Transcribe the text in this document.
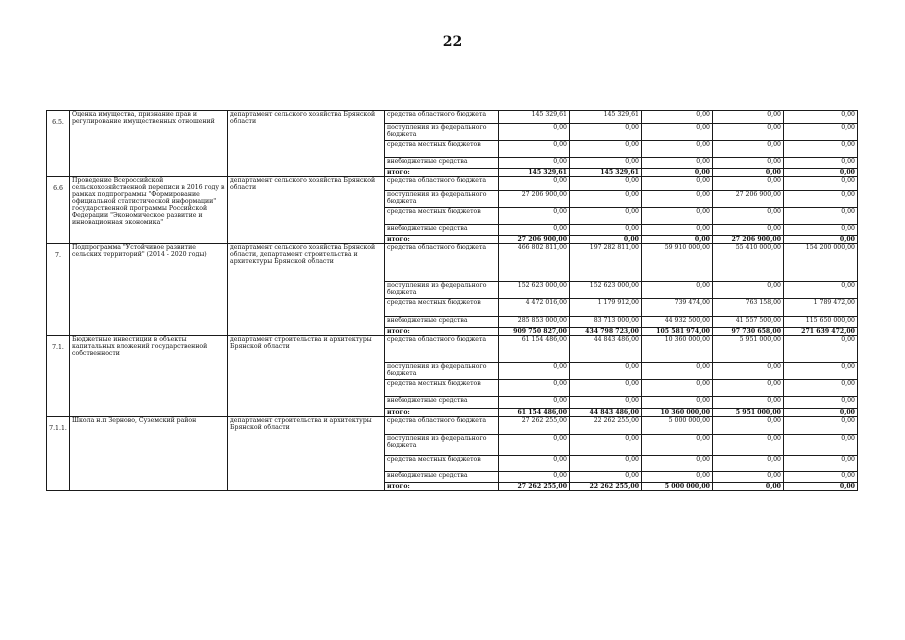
22
6.5.	Оценка имущества, признание прав и регулирование имущественных отношений	департамент сельского хозяйства Брянской области	средства областного бюджета	145 329,61	145 329,61	0,00	0,00	0,00
			поступления из федерального бюджета	0,00	0,00	0,00	0,00	0,00
			средства местных бюджетов	0,00	0,00	0,00	0,00	0,00
			внебюджетные средства	0,00	0,00	0,00	0,00	0,00
			итого:	145 329,61	145 329,61	0,00	0,00	0,00
6.6	Проведение Всероссийской сельскохозяйственной переписи в 2016 году в рамках подпрограммы "Формирование официальной статистической информации" государственной программы Российской Федерации "Экономическое развитие и инновационная экономика"	департамент сельского хозяйства Брянской области	средства областного бюджета	0,00	0,00	0,00	0,00	0,00
			поступления из федерального бюджета	27 206 900,00	0,00	0,00	27 206 900,00	0,00
			средства местных бюджетов	0,00	0,00	0,00	0,00	0,00
			внебюджетные средства	0,00	0,00	0,00	0,00	0,00
			итого:	27 206 900,00	0,00	0,00	27 206 900,00	0,00
7.	Подпрограмма "Устойчивое развитие сельских территорий" (2014 - 2020 годы)	департамент сельского хозяйства Брянской области, департамент строительства и архитектуры Брянской области	средства областного бюджета	466 802 811,00	197 282 811,00	59 910 000,00	55 410 000,00	154 200 000,00
			поступления из федерального бюджета	152 623 000,00	152 623 000,00	0,00	0,00	0,00
			средства местных бюджетов	4 472 016,00	1 179 912,00	739 474,00	763 158,00	1 789 472,00
			внебюджетные средства	285 853 000,00	83 713 000,00	44 932 500,00	41 557 500,00	115 650 000,00
			итого:	909 750 827,00	434 798 723,00	105 581 974,00	97 730 658,00	271 639 472,00
7.1.	Бюджетные инвестиции в объекты капитальных вложений государственной собственности	департамент строительства и архитектуры Брянской области	средства областного бюджета	61 154 486,00	44 843 486,00	10 360 000,00	5 951 000,00	0,00
			поступления из федерального бюджета	0,00	0,00	0,00	0,00	0,00
			средства местных бюджетов	0,00	0,00	0,00	0,00	0,00
			внебюджетные средства	0,00	0,00	0,00	0,00	0,00
			итого:	61 154 486,00	44 843 486,00	10 360 000,00	5 951 000,00	0,00
7.1.1.	Школа н.п Зерново, Суземский район	департамент строительства и архитектуры Брянской области	средства областного бюджета	27 262 255,00	22 262 255,00	5 000 000,00	0,00	0,00
			поступления из федерального бюджета	0,00	0,00	0,00	0,00	0,00
			средства местных бюджетов	0,00	0,00	0,00	0,00	0,00
			внебюджетные средства	0,00	0,00	0,00	0,00	0,00
			итого:	27 262 255,00	22 262 255,00	5 000 000,00	0,00	0,00
